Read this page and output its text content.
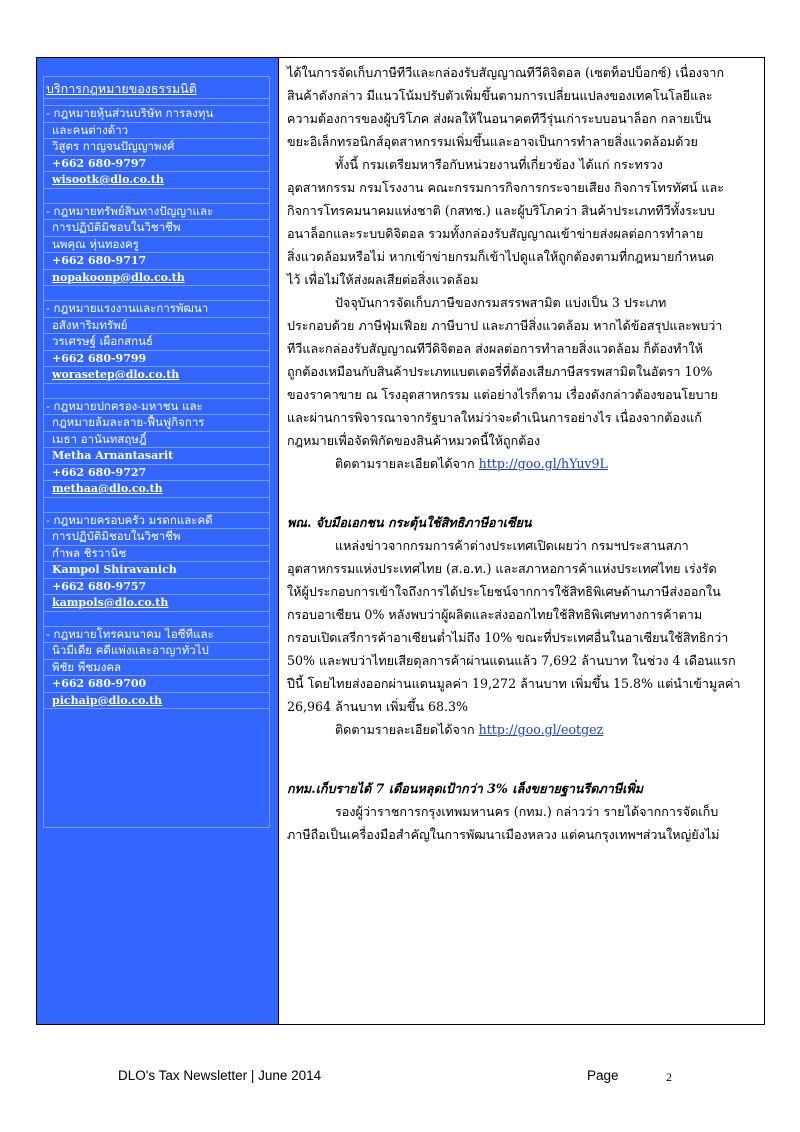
บริการกฎหมายของธรรมนิติ
- กฎหมายหุ้นส่วนบริษัท การลงทุน
และคนต่างด้าว
วิสูตร กาญจนปัญญาพงศ์
+662 680-9797
wisootk@dlo.co.th
- กฎหมายทรัพย์สินทางปัญญาและ
การปฏิบัติมิชอบในวิชาชีพ
นพคุณ หุ่นทองครู
+662 680-9717
nopakoonp@dlo.co.th
- กฎหมายแรงงานและการพัฒนา
อสังหาริมทรัพย์
วรเศรษฐ์ เผือกสกนธ์
+662 680-9799
worasetep@dlo.co.th
- กฎหมายปกครอง-มหาชน และ
กฎหมายล้มละลาย-ฟื้นฟูกิจการ
เมธา อานันทสฤษฎิ์
Metha Arnantasarit
+662 680-9727
methaa@dlo.co.th
- กฎหมายครอบครัว มรดกและคดี
การปฏิบัติมิชอบในวิชาชีพ
กำพล ชิรวานิช
Kampol Shiravanich
+662 680-9757
kampols@dlo.co.th
- กฎหมายโทรคมนาคม ไอซีทีและ
นิวมีเดีย คดีแพ่งและอาญาทั่วไป
พิชัย พืชมงคล
+662 680-9700
pichaip@dlo.co.th

ได้ในการจัดเก็บภาษีทีวีและกล่องรับสัญญาณทีวีดิจิตอล (เซตท็อปบ็อกซ์) เนื่องจาก

สินค้าดังกล่าว มีแนวโน้มปรับตัวเพิ่มขึ้นตามการเปลี่ยนแปลงของเทคโนโลยีและ

ความต้องการของผู้บริโภค ส่งผลให้ในอนาคตทีวีรุ่นเก่าระบบอนาล็อก กลายเป็น

ขยะอิเล็กทรอนิกส์อุตสาหกรรมเพิ่มขึ้นและอาจเป็นการทำลายสิ่งแวดล้อมด้วย

ทั้งนี้ กรมเตรียมหารือกับหน่วยงานที่เกี่ยวข้อง ได้แก่ กระทรวง

อุตสาหกรรม กรมโรงงาน คณะกรรมการกิจการกระจายเสียง กิจการโทรทัศน์ และ

กิจการโทรคมนาคมแห่งชาติ (กสทช.) และผู้บริโภคว่า สินค้าประเภททีวีทั้งระบบ

อนาล็อกและระบบดิจิตอล รวมทั้งกล่องรับสัญญาณเข้าข่ายส่งผลต่อการทำลาย

สิ่งแวดล้อมหรือไม่ หากเข้าข่ายกรมก็เข้าไปดูแลให้ถูกต้องตามที่กฎหมายกำหนด

ไว้ เพื่อไม่ให้ส่งผลเสียต่อสิ่งแวดล้อม

ปัจจุบันการจัดเก็บภาษีของกรมสรรพสามิต แบ่งเป็น 3 ประเภท

ประกอบด้วย ภาษีฟุ่มเฟือย ภาษีบาป และภาษีสิ่งแวดล้อม หากได้ข้อสรุปและพบว่า

ทีวีและกล่องรับสัญญาณทีวีดิจิตอล ส่งผลต่อการทำลายสิ่งแวดล้อม ก็ต้องทำให้

ถูกต้องเหมือนกับสินค้าประเภทแบตเตอรี่ที่ต้องเสียภาษีสรรพสามิตในอัตรา 10%

ของราคาขาย ณ โรงอุตสาหกรรม แต่อย่างไรก็ตาม เรื่องดังกล่าวต้องขอนโยบาย

และผ่านการพิจารณาจากรัฐบาลใหม่ว่าจะดำเนินการอย่างไร เนื่องจากต้องแก้

กฎหมายเพื่อจัดพิกัดของสินค้าหมวดนี้ให้ถูกต้อง

ติดตามรายละเอียดได้จาก http://goo.gl/hYuv9L

พณ. จับมือเอกชน กระตุ้นใช้สิทธิภาษีอาเซียน

แหล่งข่าวจากกรมการค้าต่างประเทศเปิดเผยว่า กรมฯประสานสภา

อุตสาหกรรมแห่งประเทศไทย (ส.อ.ท.) และสภาหอการค้าแห่งประเทศไทย เร่งรัด

ให้ผู้ประกอบการเข้าใจถึงการได้ประโยชน์จากการใช้สิทธิพิเศษด้านภาษีส่งออกใน

กรอบอาเซียน 0% หลังพบว่าผู้ผลิตและส่งออกไทยใช้สิทธิพิเศษทางการค้าตาม

กรอบเปิดเสรีการค้าอาเซียนต่ำไม่ถึง 10% ขณะที่ประเทศอื่นในอาเซียนใช้สิทธิกว่า

50% และพบว่าไทยเสียดุลการค้าผ่านแดนแล้ว 7,692 ล้านบาท ในช่วง 4 เดือนแรก

ปีนี้ โดยไทยส่งออกผ่านแดนมูลค่า 19,272 ล้านบาท เพิ่มขึ้น 15.8% แต่นำเข้ามูลค่า

26,964 ล้านบาท เพิ่มขึ้น 68.3%

ติดตามรายละเอียดได้จาก http://goo.gl/eotgez

กทม.เก็บรายได้ 7 เดือนหลุดเป้ากว่า 3% เล็งขยายฐานรีดภาษีเพิ่ม

รองผู้ว่าราชการกรุงเทพมหานคร (กทม.) กล่าวว่า รายได้จากการจัดเก็บ

ภาษีถือเป็นเครื่องมือสำคัญในการพัฒนาเมืองหลวง แต่คนกรุงเทพฯส่วนใหญ่ยังไม่

DLO's Tax Newsletter | June 2014	Page	2
